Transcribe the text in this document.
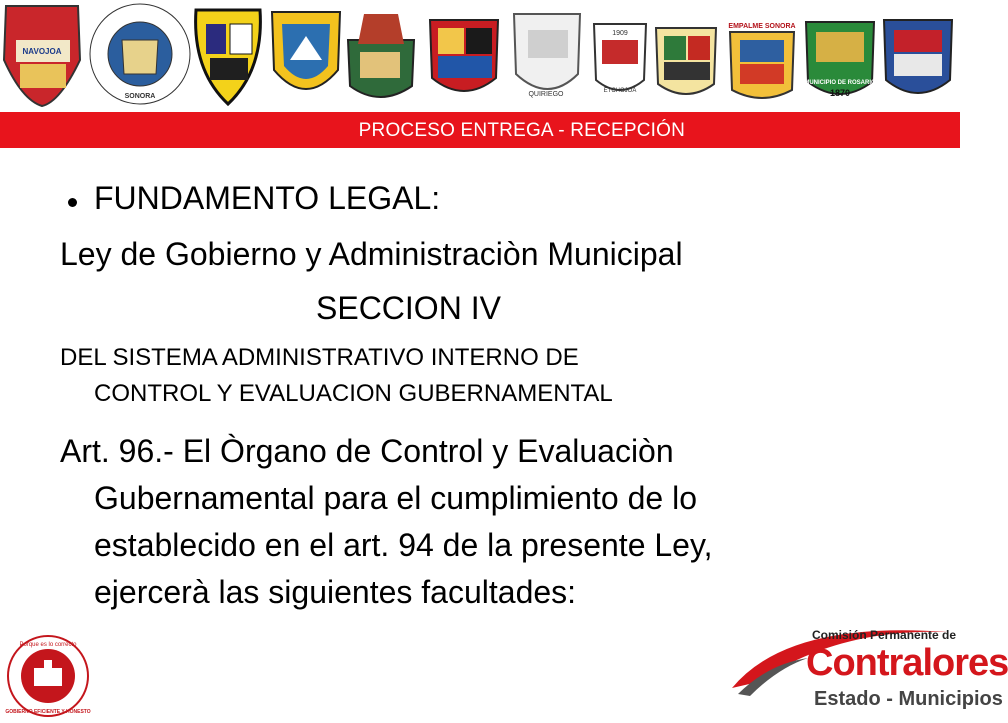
NAVOJOA
SONORA	QUIRIEGO
1909
ETCHOJOA
EMPALME SONORA
MUNICIPIO DE ROSARIO
1870
PROCESO ENTREGA - RECEPCIÓN
FUNDAMENTO LEGAL:
Ley de Gobierno y Administraciòn Municipal
SECCION IV
DEL SISTEMA ADMINISTRATIVO INTERNO DE
CONTROL Y EVALUACION GUBERNAMENTAL
Art. 96.- El Òrgano de Control y Evaluaciòn
Gubernamental para el cumplimiento de lo
establecido en el art. 94 de la presente Ley,
ejercerà las siguientes facultades:
Porque es lo correcto
GOBIERNO EFICIENTE Y HONESTO
Comisión Permanente de
Contralores
Estado - Municipios
